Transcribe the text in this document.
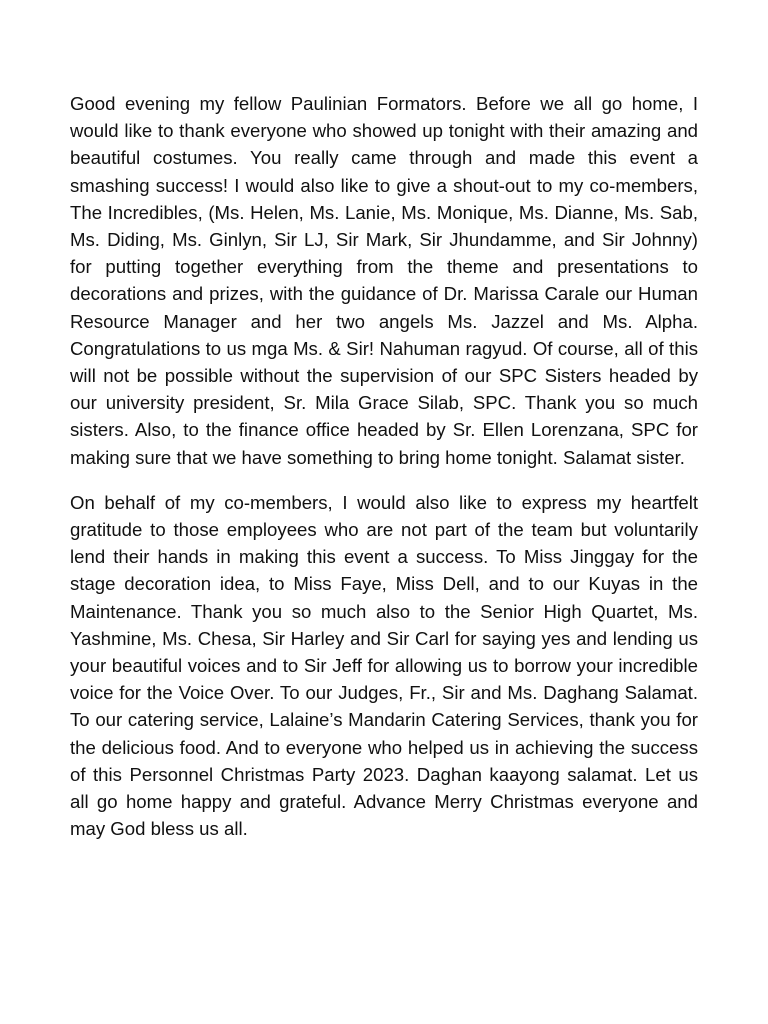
Good evening my fellow Paulinian Formators. Before we all go home, I would like to thank everyone who showed up tonight with their amazing and beautiful costumes. You really came through and made this event a smashing success! I would also like to give a shout-out to my co-members, The Incredibles, (Ms. Helen, Ms. Lanie, Ms. Monique, Ms. Dianne, Ms. Sab, Ms. Diding, Ms. Ginlyn, Sir LJ, Sir Mark, Sir Jhundamme, and Sir Johnny) for putting together everything from the theme and presentations to decorations and prizes, with the guidance of Dr. Marissa Carale our Human Resource Manager and her two angels Ms. Jazzel and Ms. Alpha. Congratulations to us mga Ms. & Sir! Nahuman ragyud. Of course, all of this will not be possible without the supervision of our SPC Sisters headed by our university president, Sr. Mila Grace Silab, SPC. Thank you so much sisters. Also, to the finance office headed by Sr. Ellen Lorenzana, SPC for making sure that we have something to bring home tonight. Salamat sister.

On behalf of my co-members, I would also like to express my heartfelt gratitude to those employees who are not part of the team but voluntarily lend their hands in making this event a success. To Miss Jinggay for the stage decoration idea, to Miss Faye, Miss Dell, and to our Kuyas in the Maintenance. Thank you so much also to the Senior High Quartet, Ms. Yashmine, Ms. Chesa, Sir Harley and Sir Carl for saying yes and lending us your beautiful voices and to Sir Jeff for allowing us to borrow your incredible voice for the Voice Over. To our Judges, Fr., Sir and Ms. Daghang Salamat. To our catering service, Lalaine’s Mandarin Catering Services, thank you for the delicious food. And to everyone who helped us in achieving the success of this Personnel Christmas Party 2023. Daghan kaayong salamat. Let us all go home happy and grateful. Advance Merry Christmas everyone and may God bless us all.
